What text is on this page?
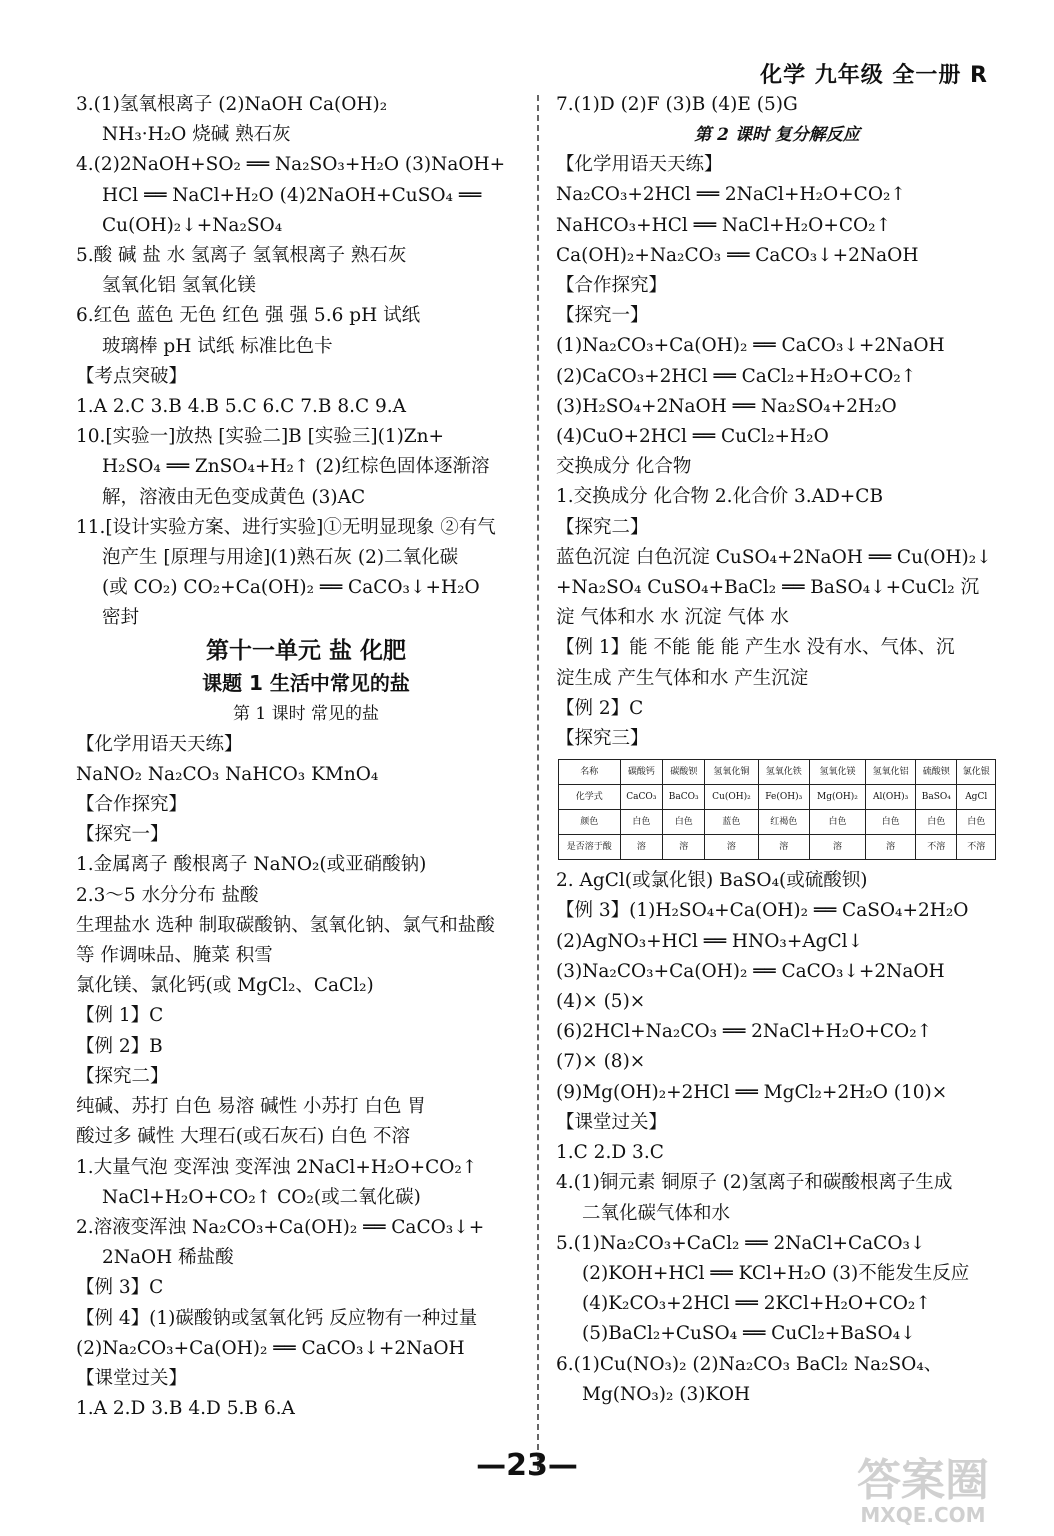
化学 九年级 全一册 R
3.(1)氢氧根离子 (2)NaOH Ca(OH)₂
NH₃·H₂O 烧碱 熟石灰
4.(2)2NaOH+SO₂ ══ Na₂SO₃+H₂O (3)NaOH+
HCl ══ NaCl+H₂O (4)2NaOH+CuSO₄ ══
Cu(OH)₂↓+Na₂SO₄
5.酸 碱 盐 水 氢离子 氢氧根离子 熟石灰
氢氧化铝 氢氧化镁
6.红色 蓝色 无色 红色 强 强 5.6 pH 试纸
玻璃棒 pH 试纸 标准比色卡
【考点突破】
1.A 2.C 3.B 4.B 5.C 6.C 7.B 8.C 9.A
10.[实验一]放热 [实验二]B [实验三](1)Zn+
H₂SO₄ ══ ZnSO₄+H₂↑ (2)红棕色固体逐渐溶
解，溶液由无色变成黄色 (3)AC
11.[设计实验方案、进行实验]①无明显现象 ②有气
泡产生 [原理与用途](1)熟石灰 (2)二氧化碳
(或 CO₂) CO₂+Ca(OH)₂ ══ CaCO₃↓+H₂O
密封
第十一单元 盐 化肥
课题 1 生活中常见的盐
第 1 课时 常见的盐
【化学用语天天练】
NaNO₂ Na₂CO₃ NaHCO₃ KMnO₄
【合作探究】
【探究一】
1.金属离子 酸根离子 NaNO₂(或亚硝酸钠)
2.3～5 水分分布 盐酸
生理盐水 选种 制取碳酸钠、氢氧化钠、氯气和盐酸
等 作调味品、腌菜 积雪
氯化镁、氯化钙(或 MgCl₂、CaCl₂)
【例 1】C
【例 2】B
【探究二】
纯碱、苏打 白色 易溶 碱性 小苏打 白色 胃
酸过多 碱性 大理石(或石灰石) 白色 不溶
1.大量气泡 变浑浊 变浑浊 2NaCl+H₂O+CO₂↑
NaCl+H₂O+CO₂↑ CO₂(或二氧化碳)
2.溶液变浑浊 Na₂CO₃+Ca(OH)₂ ══ CaCO₃↓+
2NaOH 稀盐酸
【例 3】C
【例 4】(1)碳酸钠或氢氧化钙 反应物有一种过量
(2)Na₂CO₃+Ca(OH)₂ ══ CaCO₃↓+2NaOH
【课堂过关】
1.A 2.D 3.B 4.D 5.B 6.A
7.(1)D (2)F (3)B (4)E (5)G
第 2 课时 复分解反应
【化学用语天天练】
Na₂CO₃+2HCl ══ 2NaCl+H₂O+CO₂↑
NaHCO₃+HCl ══ NaCl+H₂O+CO₂↑
Ca(OH)₂+Na₂CO₃ ══ CaCO₃↓+2NaOH
【合作探究】
【探究一】
(1)Na₂CO₃+Ca(OH)₂ ══ CaCO₃↓+2NaOH
(2)CaCO₃+2HCl ══ CaCl₂+H₂O+CO₂↑
(3)H₂SO₄+2NaOH ══ Na₂SO₄+2H₂O
(4)CuO+2HCl ══ CuCl₂+H₂O
交换成分 化合物
1.交换成分 化合物 2.化合价 3.AD+CB
【探究二】
蓝色沉淀 白色沉淀 CuSO₄+2NaOH ══ Cu(OH)₂↓
+Na₂SO₄ CuSO₄+BaCl₂ ══ BaSO₄↓+CuCl₂ 沉
淀 气体和水 水 沉淀 气体 水
【例 1】能 不能 能 能 产生水 没有水、气体、沉
淀生成 产生气体和水 产生沉淀
【例 2】C
【探究三】
名称	碳酸钙	碳酸钡	氢氧化铜	氢氧化铁	氢氧化镁	氢氧化铝	硫酸钡	氯化银
化学式	CaCO₃	BaCO₃	Cu(OH)₂	Fe(OH)₃	Mg(OH)₂	Al(OH)₃	BaSO₄	AgCl
颜色	白色	白色	蓝色	红褐色	白色	白色	白色	白色
是否溶于酸	溶	溶	溶	溶	溶	溶	不溶	不溶
2. AgCl(或氯化银) BaSO₄(或硫酸钡)
【例 3】(1)H₂SO₄+Ca(OH)₂ ══ CaSO₄+2H₂O
(2)AgNO₃+HCl ══ HNO₃+AgCl↓
(3)Na₂CO₃+Ca(OH)₂ ══ CaCO₃↓+2NaOH
(4)× (5)×
(6)2HCl+Na₂CO₃ ══ 2NaCl+H₂O+CO₂↑
(7)× (8)×
(9)Mg(OH)₂+2HCl ══ MgCl₂+2H₂O (10)×
【课堂过关】
1.C 2.D 3.C
4.(1)铜元素 铜原子 (2)氢离子和碳酸根离子生成
二氧化碳气体和水
5.(1)Na₂CO₃+CaCl₂ ══ 2NaCl+CaCO₃↓
(2)KOH+HCl ══ KCl+H₂O (3)不能发生反应
(4)K₂CO₃+2HCl ══ 2KCl+H₂O+CO₂↑
(5)BaCl₂+CuSO₄ ══ CuCl₂+BaSO₄↓
6.(1)Cu(NO₃)₂ (2)Na₂CO₃ BaCl₂ Na₂SO₄、
Mg(NO₃)₂ (3)KOH
—23—	答案圈
MXQE.COM
